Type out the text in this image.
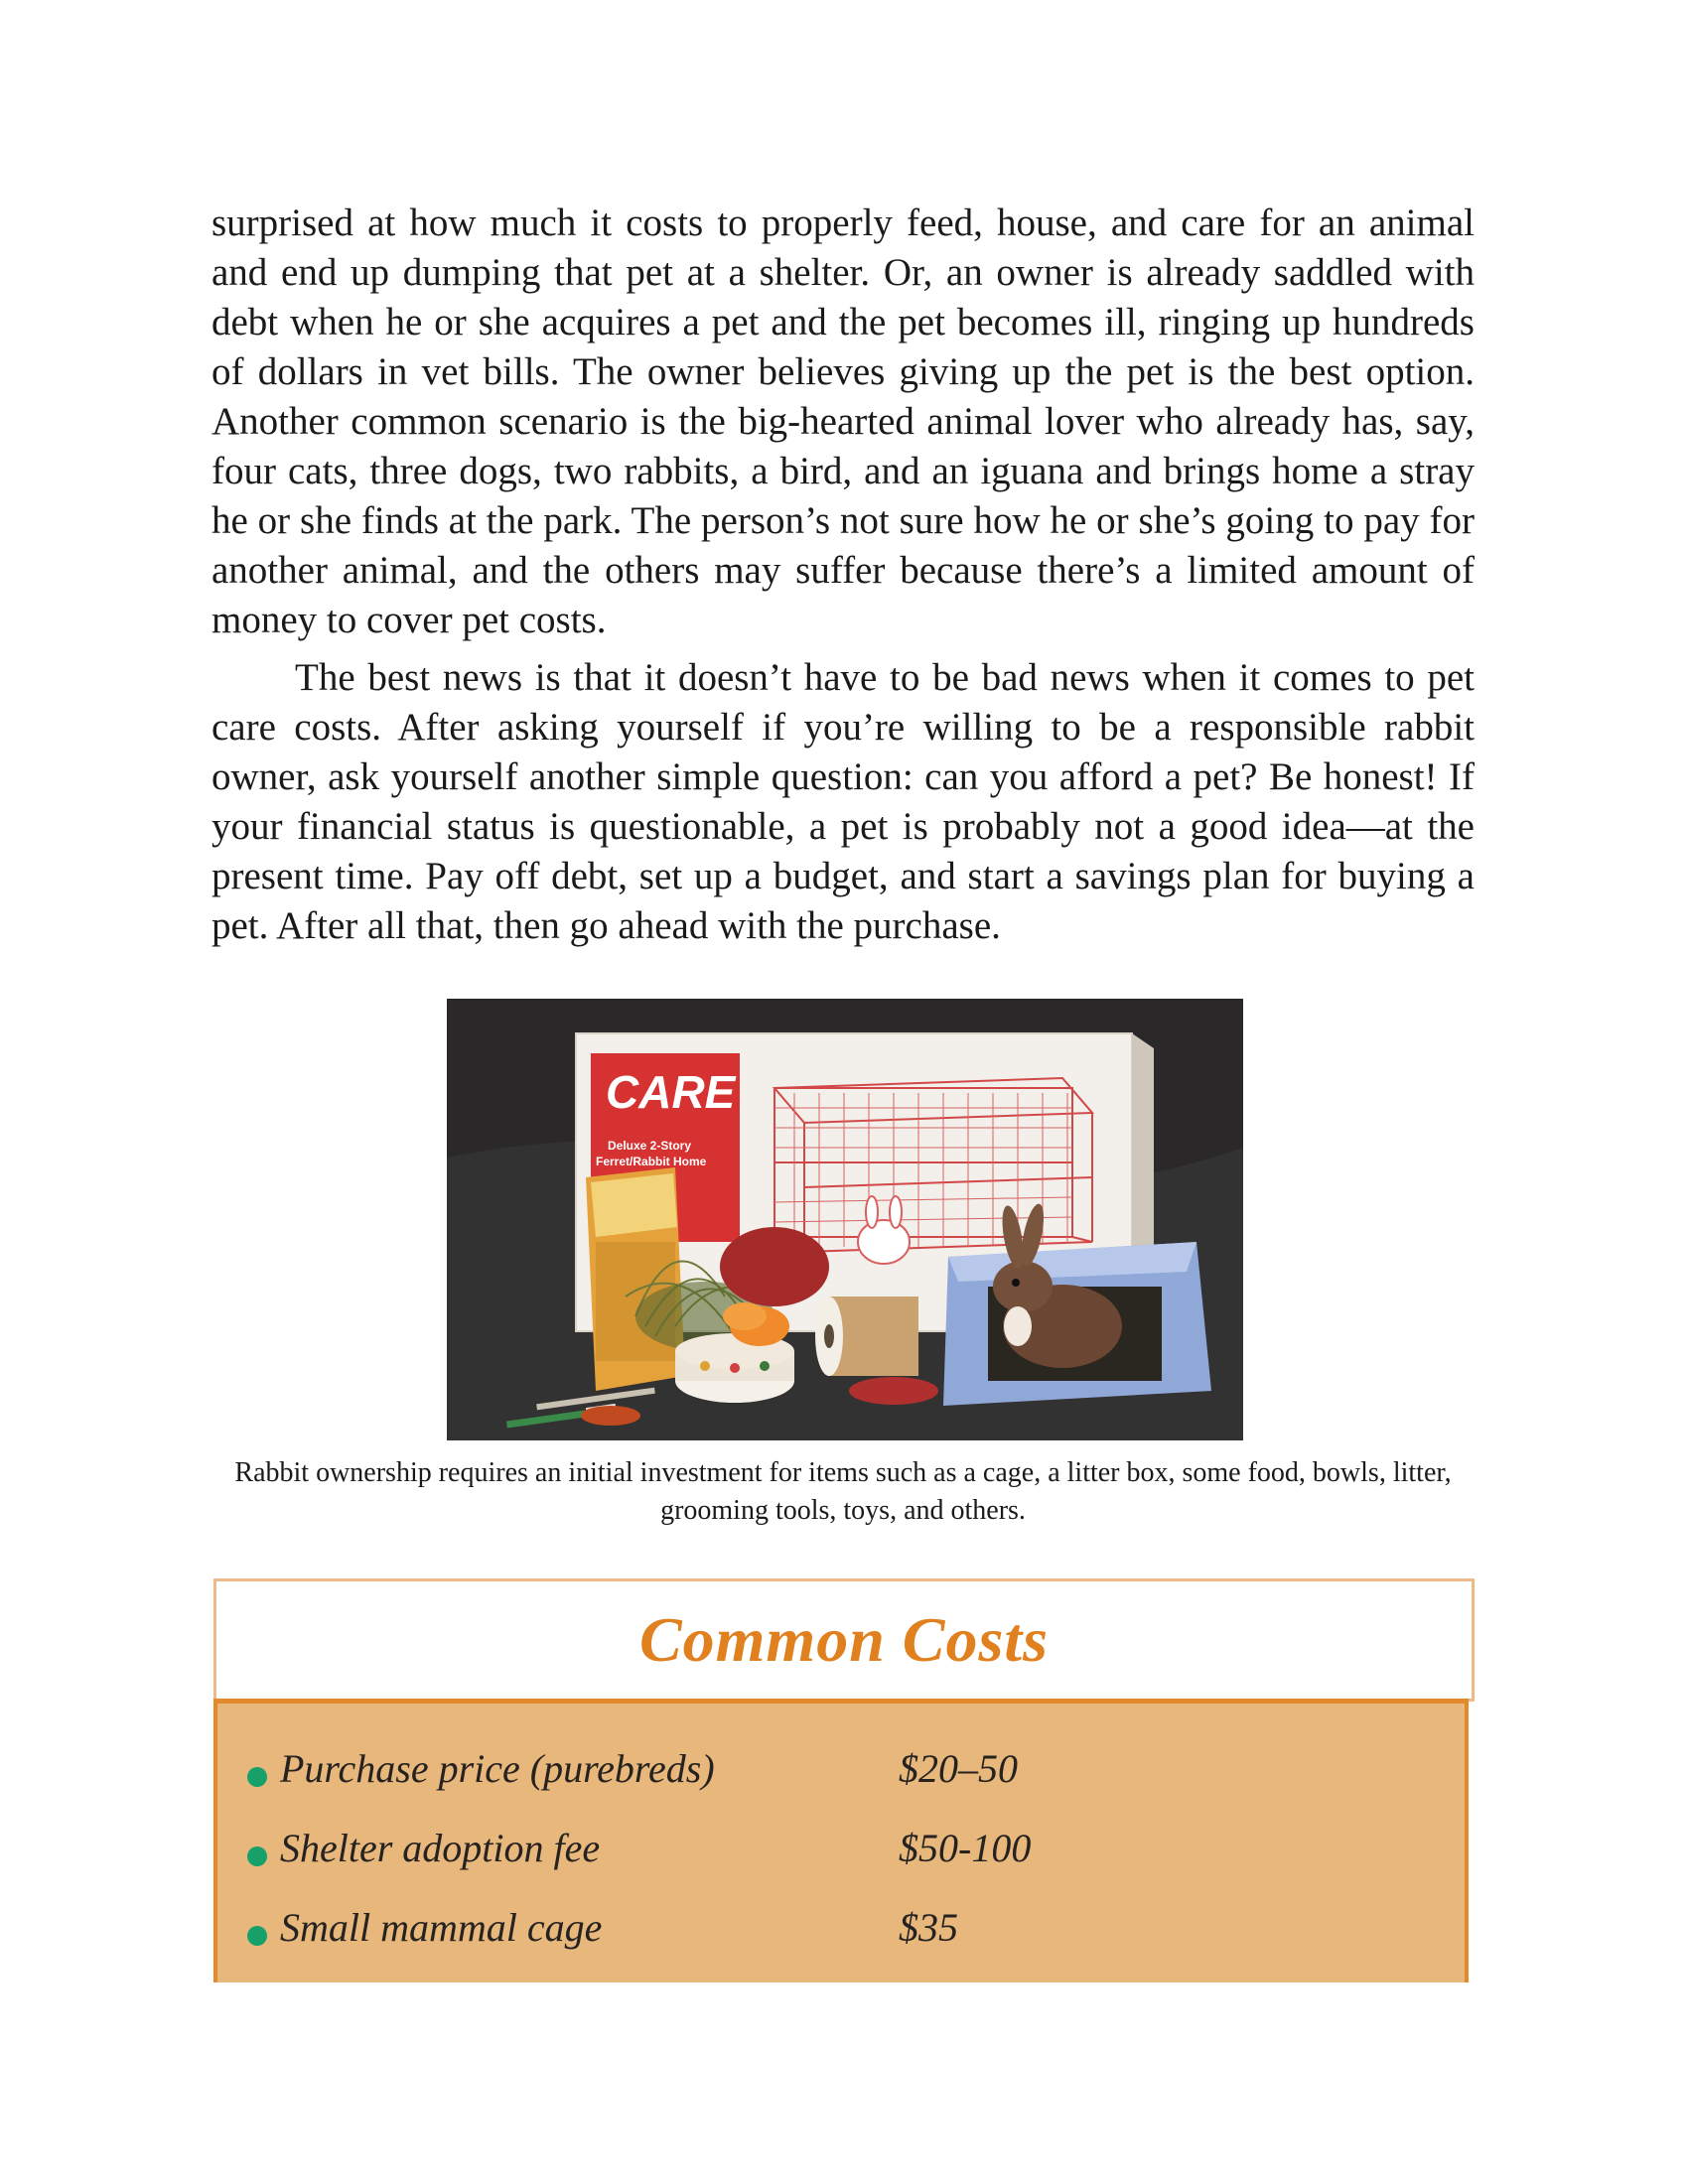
surprised at how much it costs to properly feed, house, and care for an animal and end up dumping that pet at a shelter. Or, an owner is already saddled with debt when he or she acquires a pet and the pet becomes ill, ringing up hundreds of dollars in vet bills. The owner believes giving up the pet is the best option. Another common scenario is the big-hearted animal lover who already has, say, four cats, three dogs, two rabbits, a bird, and an iguana and brings home a stray he or she finds at the park. The person’s not sure how he or she’s going to pay for another animal, and the others may suffer because there’s a limited amount of money to cover pet costs.

The best news is that it doesn’t have to be bad news when it comes to pet care costs. After asking yourself if you’re willing to be a responsible rabbit owner, ask yourself another simple question: can you afford a pet? Be honest! If your financial status is questionable, a pet is probably not a good idea—at the present time. Pay off debt, set up a budget, and start a savings plan for buying a pet. After all that, then go ahead with the purchase.

CARE
Deluxe 2-Story
Ferret/Rabbit Home
Rabbit ownership requires an initial investment for items such as a cage, a litter box, some food, bowls, litter, grooming tools, toys, and others.
Common Costs
Purchase price (purebreds)	$20–50
Shelter adoption fee	$50-100
Small mammal cage	$35
